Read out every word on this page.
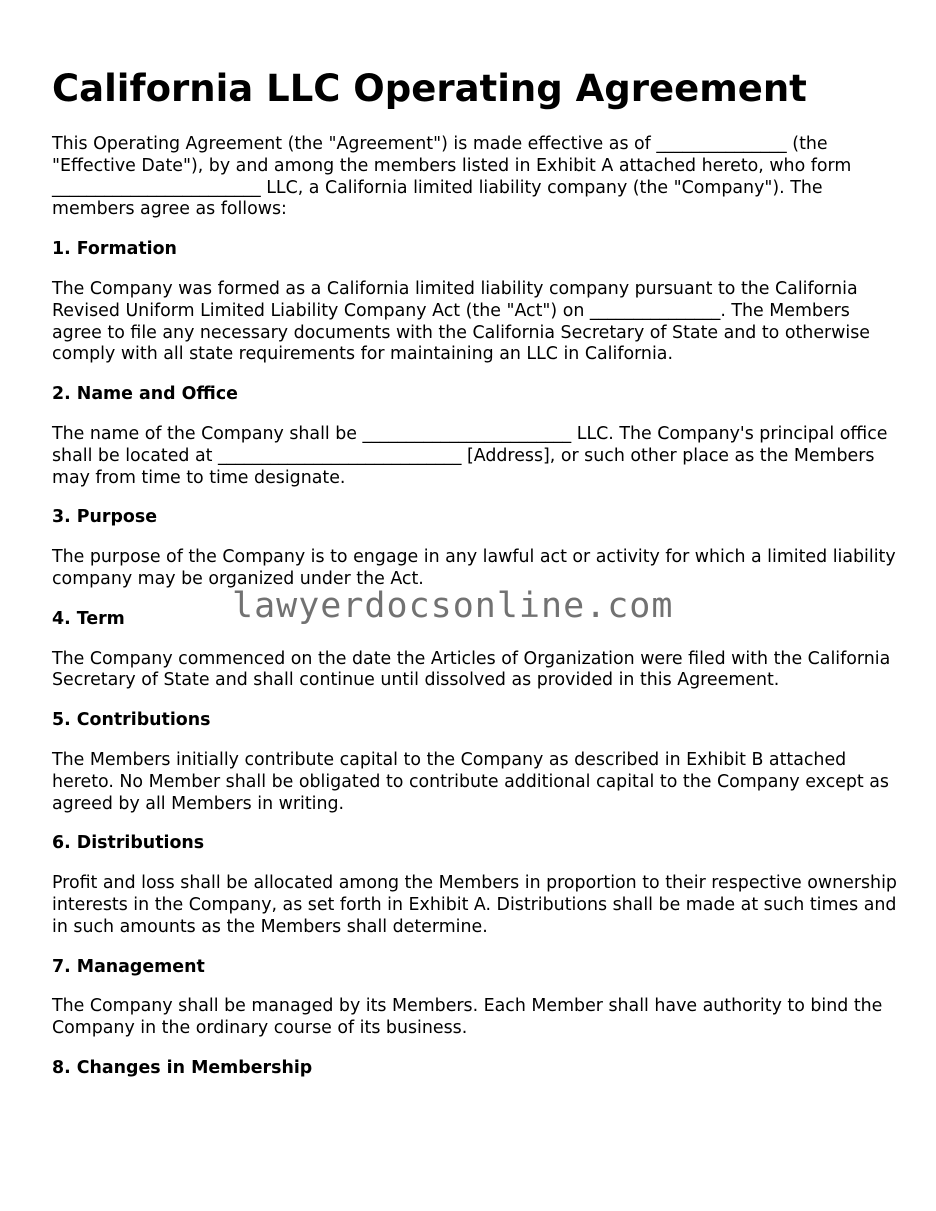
California LLC Operating Agreement

This Operating Agreement (the "Agreement") is made effective as of _______________ (the "Effective Date"), by and among the members listed in Exhibit A attached hereto, who form ________________________ LLC, a California limited liability company (the "Company"). The members agree as follows:

1. Formation

The Company was formed as a California limited liability company pursuant to the California Revised Uniform Limited Liability Company Act (the "Act") on _______________. The Members agree to file any necessary documents with the California Secretary of State and to otherwise comply with all state requirements for maintaining an LLC in California.

2. Name and Office

The name of the Company shall be ________________________ LLC. The Company's principal office shall be located at ____________________________ [Address], or such other place as the Members may from time to time designate.

3. Purpose

The purpose of the Company is to engage in any lawful act or activity for which a limited liability company may be organized under the Act.

4. Term

The Company commenced on the date the Articles of Organization were filed with the California Secretary of State and shall continue until dissolved as provided in this Agreement.

5. Contributions

The Members initially contribute capital to the Company as described in Exhibit B attached hereto. No Member shall be obligated to contribute additional capital to the Company except as agreed by all Members in writing.

6. Distributions

Profit and loss shall be allocated among the Members in proportion to their respective ownership interests in the Company, as set forth in Exhibit A. Distributions shall be made at such times and in such amounts as the Members shall determine.

7. Management

The Company shall be managed by its Members. Each Member shall have authority to bind the Company in the ordinary course of its business.

8. Changes in Membership
lawyerdocsonline.com
